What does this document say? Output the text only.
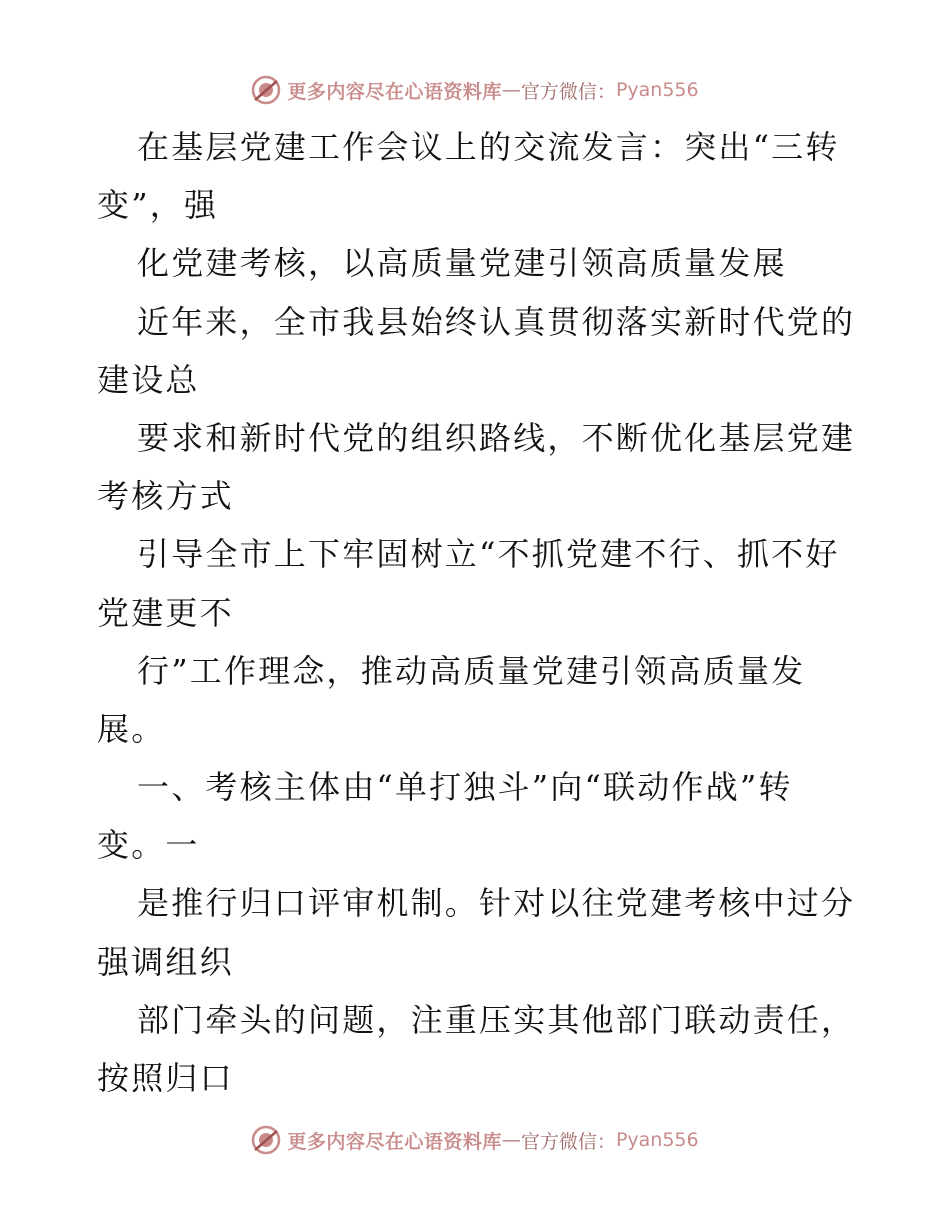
更多内容尽在心语资料库 — 官方微信： Pyan556
在基层党建工作会议上的交流发言：突出“三转
变”，强
化党建考核，以高质量党建引领高质量发展
近年来，全市我县始终认真贯彻落实新时代党的
建设总
要求和新时代党的组织路线，不断优化基层党建
考核方式
引导全市上下牢固树立“不抓党建不行、抓不好
党建更不
行”工作理念，推动高质量党建引领高质量发
展。
一、考核主体由“单打独斗”向“联动作战”转
变。一
是推行归口评审机制。针对以往党建考核中过分
强调组织
部门牵头的问题，注重压实其他部门联动责任，
按照归口
更多内容尽在心语资料库 — 官方微信： Pyan556
